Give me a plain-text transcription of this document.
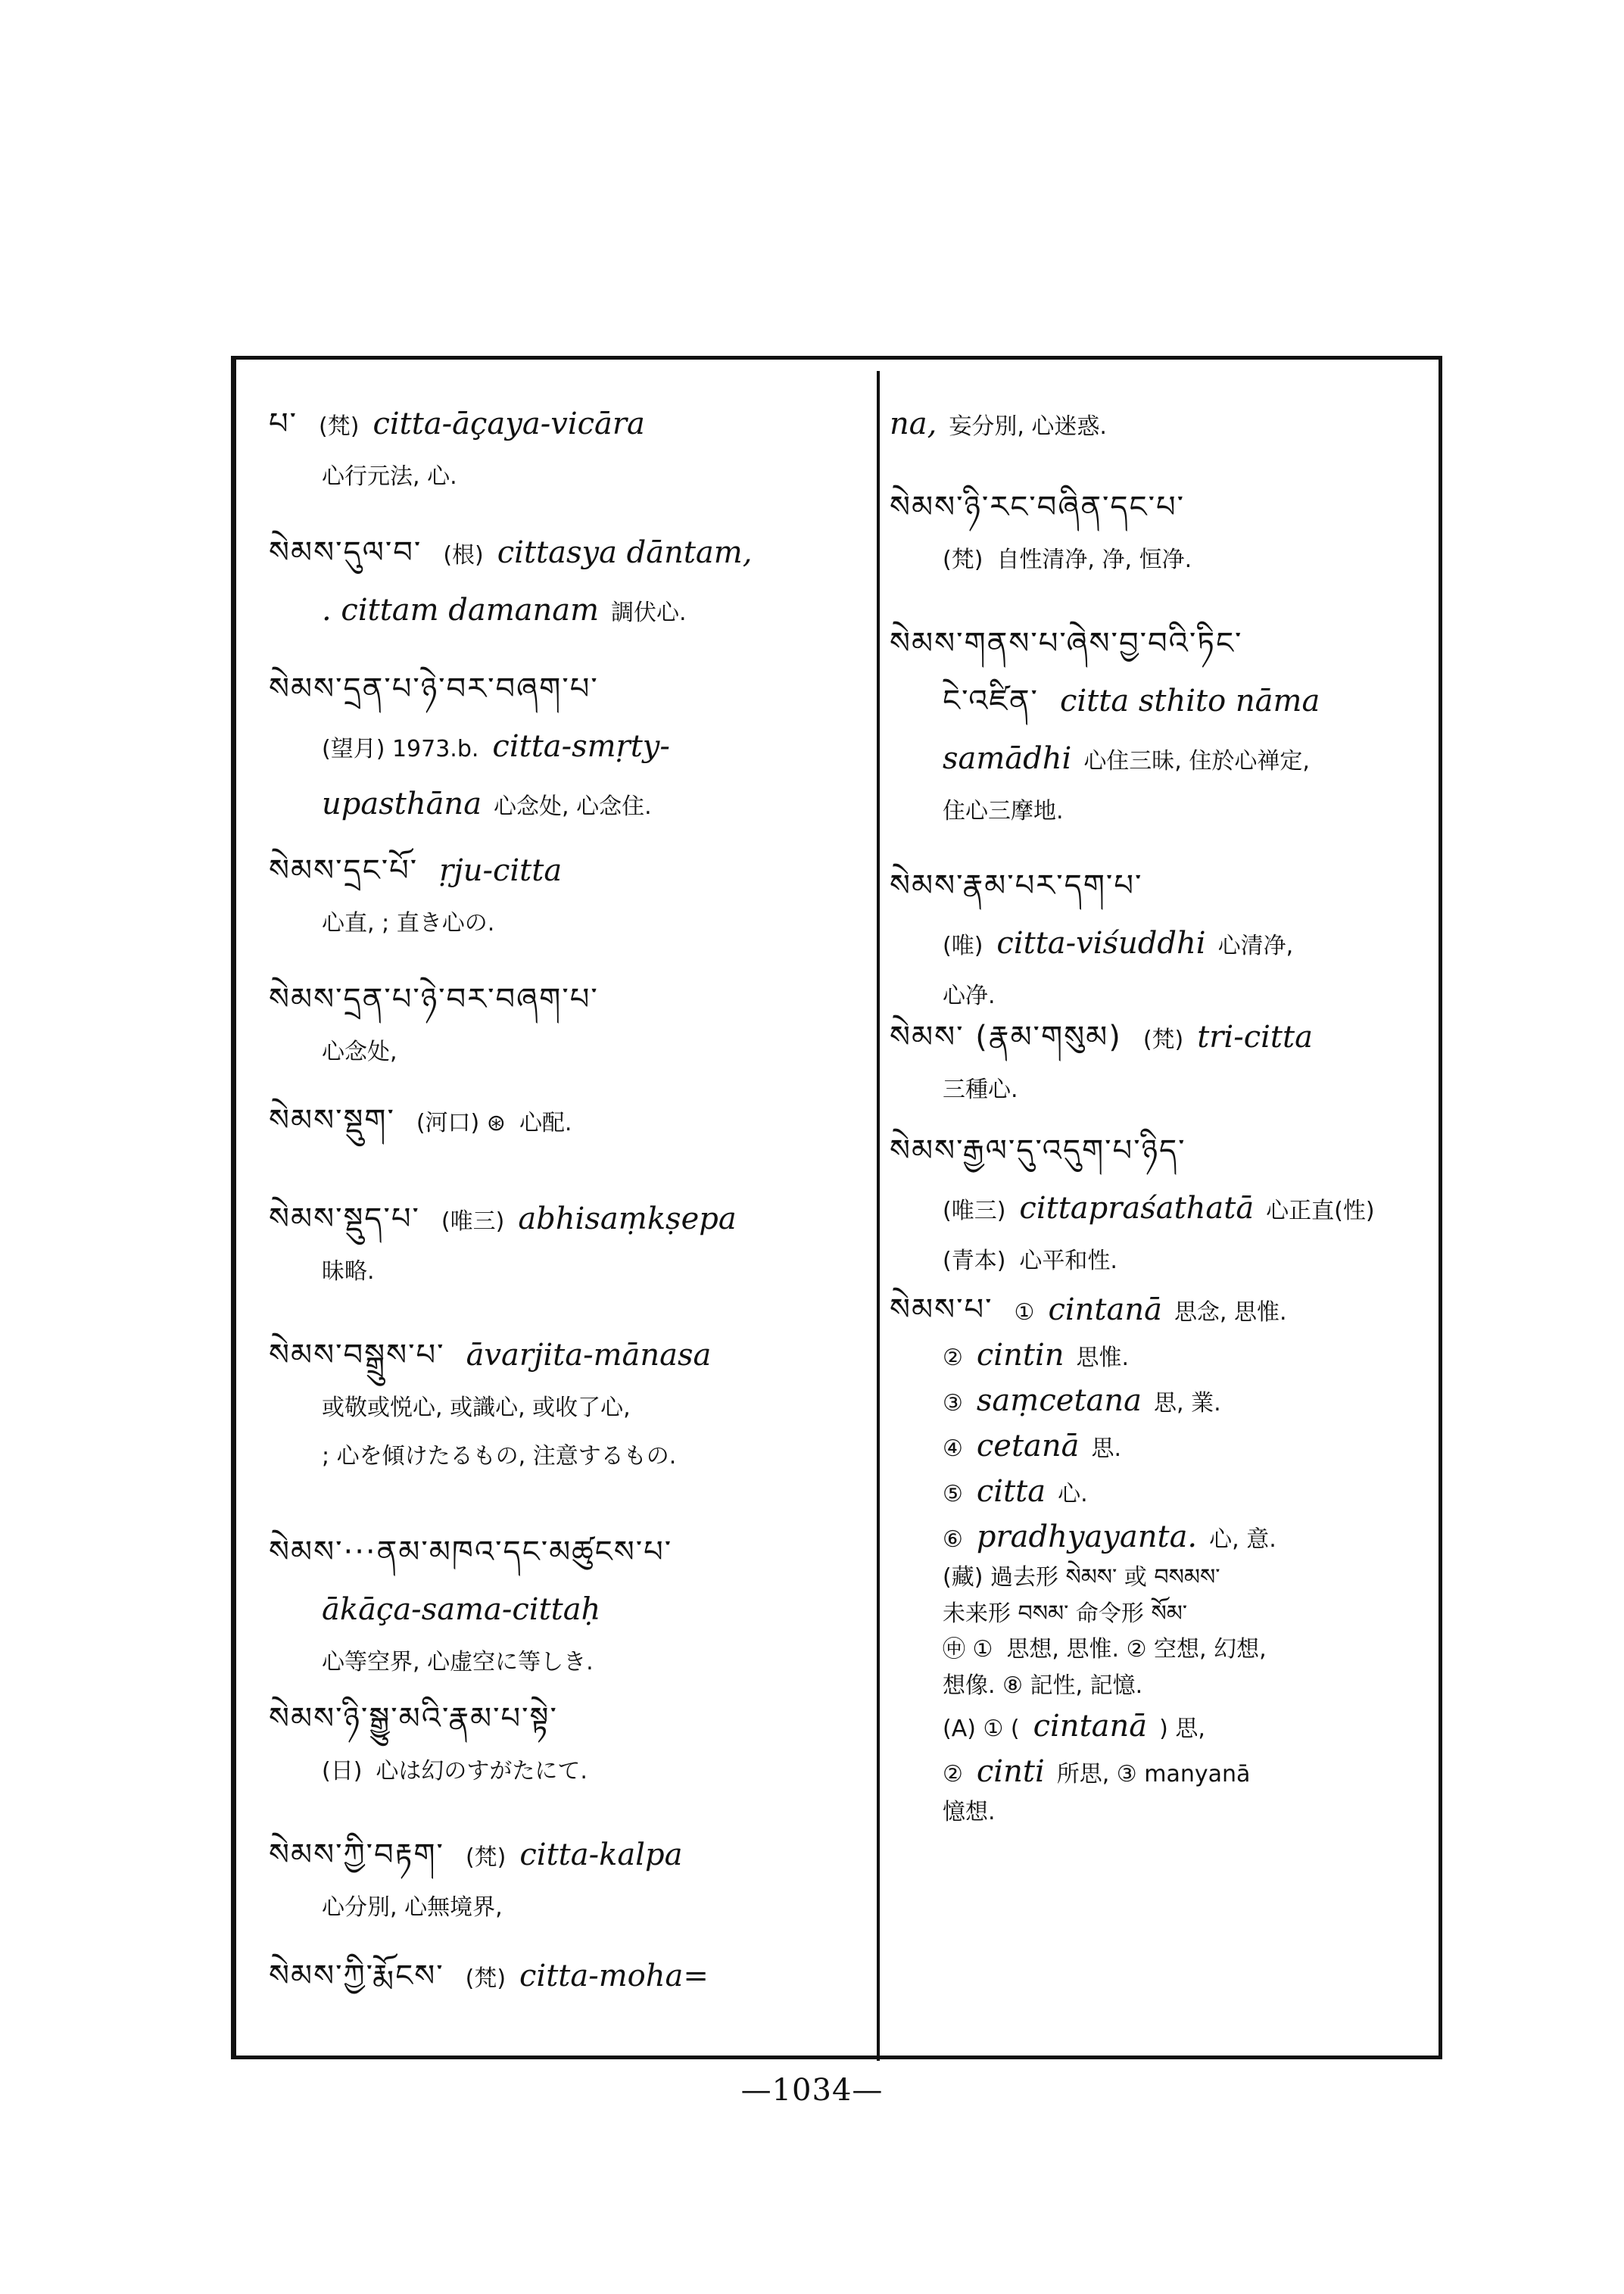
པ་ (梵) citta-āçaya-vicāra
心行元法, 心.
སེམས་དུལ་བ་ (根) cittasya dāntam,
. cittam damanam 調伏心.
སེམས་དྲན་པ་ཉེ་བར་བཞག་པ་
(望月) 1973.b. citta-smṛty-
upasthāna 心念处, 心念住.
སེམས་དྲང་པོ་ ṛju-citta
心直, ; 直き心の.
སེམས་དྲན་པ་ཉེ་བར་བཞག་པ་
心念处,
སེམས་སྡུག་ (河口) ⊛ 心配.
སེམས་སྡུད་པ་ (唯三) abhisaṃkṣepa
昧略.
སེམས་བསྒྲུས་པ་ āvarjita-mānasa
或敬或悦心, 或識心, 或收了心,
; 心を傾けたるもの, 注意するもの.
སེམས་···ནམ་མཁའ་དང་མཚུངས་པ་
ākāça-sama-cittaḥ
心等空界, 心虚空に等しき.
སེམས་ཉི་སྒྱུ་མའི་རྣམ་པ་སྟེ་
(日) 心は幻のすがたにて.
སེམས་ཀྱི་བརྟག་ (梵) citta-kalpa
心分別, 心無境界,
སེམས་ཀྱི་རྨོངས་ (梵) citta-moha=
na, 妄分別, 心迷惑.
སེམས་ཉི་རང་བཞིན་དང་པ་
(梵) 自性清净, 净, 恒净.
སེམས་གནས་པ་ཞེས་བྱ་བའི་ཏིང་
ངེ་འཛིན་ citta sthito nāma
samādhi 心住三昧, 住於心禅定,
住心三摩地.
སེམས་རྣམ་པར་དག་པ་
(唯) citta-viśuddhi 心清净,
心净.
སེམས་ (རྣམ་གསུམ) (梵) tri-citta
三種心.
སེམས་རྒྱལ་དུ་འདུག་པ་ཉིད་
(唯三) cittapraśathatā 心正直(性)
(青本) 心平和性.
སེམས་པ་ ① cintanā 思念, 思惟.
② cintin 思惟.
③ saṃcetana 思, 業.
④ cetanā 思.
⑤ citta 心.
⑥ pradhyayanta. 心, 意.
(藏) 過去形 སེམས་ 或 བསམས་
未来形 བསམ་ 命令形 སོམ་
㊥ ① 思想, 思惟. ② 空想, 幻想,
想像. ⑧ 記性, 記憶.
(A) ① ( cintanā ) 思,
② cinti 所思, ③ manyanā
憶想.
—1034—
